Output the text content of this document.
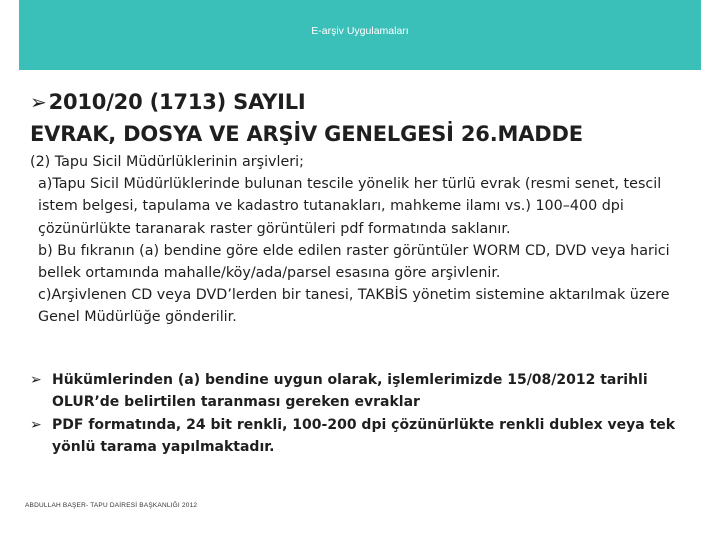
E-arşiv Uygulamaları
➢2010/20 (1713) SAYILI
EVRAK, DOSYA VE ARŞİV GENELGESİ 26.MADDE

(2) Tapu Sicil Müdürlüklerinin arşivleri;

a)Tapu Sicil Müdürlüklerinde bulunan tescile yönelik her türlü evrak (resmi senet, tescil istem belgesi, tapulama ve kadastro tutanakları, mahkeme ilamı vs.) 100–400 dpi çözünürlükte taranarak raster görüntüleri pdf formatında saklanır.

b) Bu fıkranın (a) bendine göre elde edilen raster görüntüler WORM CD, DVD veya harici bellek ortamında mahalle/köy/ada/parsel esasına göre arşivlenir.

c)Arşivlenen CD veya DVD’lerden bir tanesi, TAKBİS yönetim sistemine aktarılmak üzere Genel Müdürlüğe gönderilir.

➢ Hükümlerinden (a) bendine uygun olarak, işlemlerimizde 15/08/2012 tarihli OLUR’de belirtilen taranması gereken evraklar
➢ PDF formatında, 24 bit renkli, 100-200 dpi çözünürlükte renkli dublex veya tek yönlü tarama yapılmaktadır.
ABDULLAH BAŞER- TAPU DAİRESİ BAŞKANLIĞI 2012
